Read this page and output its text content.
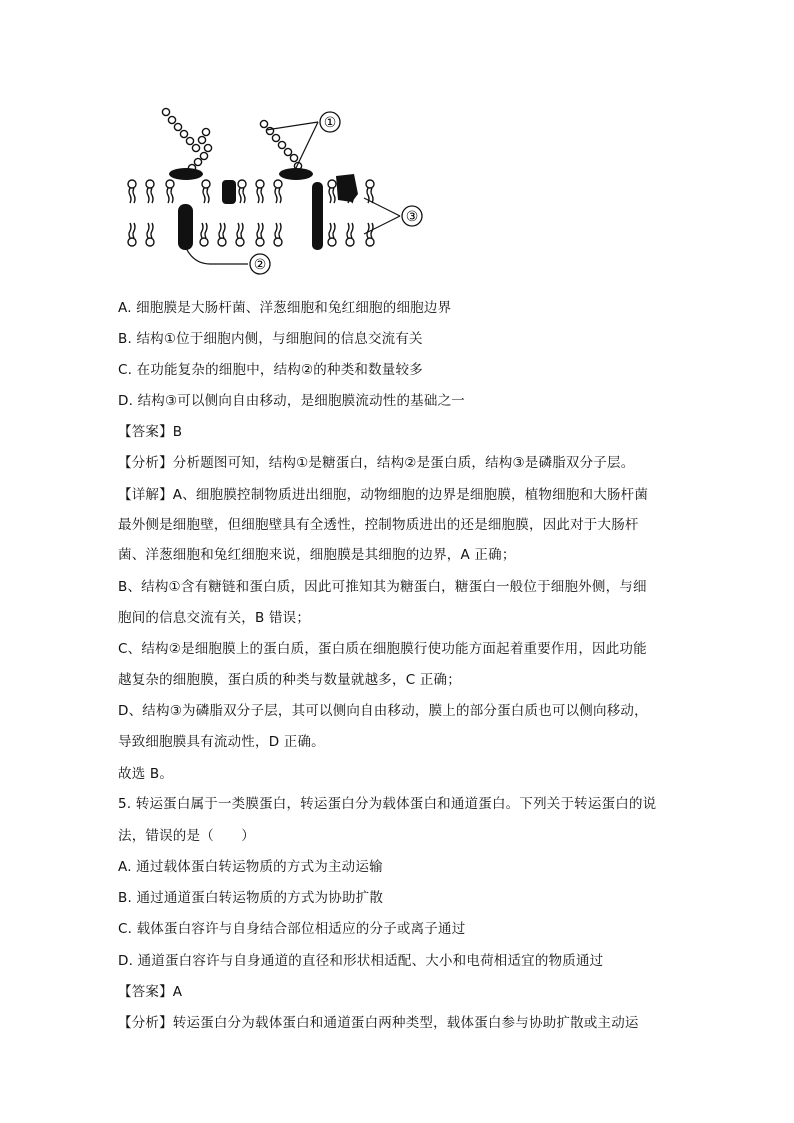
①
②
③
A. 细胞膜是大肠杆菌、洋葱细胞和兔红细胞的细胞边界
B. 结构①位于细胞内侧，与细胞间的信息交流有关
C. 在功能复杂的细胞中，结构②的种类和数量较多
D. 结构③可以侧向自由移动，是细胞膜流动性的基础之一
【答案】B
【分析】分析题图可知，结构①是糖蛋白，结构②是蛋白质，结构③是磷脂双分子层。
【详解】A、细胞膜控制物质进出细胞，动物细胞的边界是细胞膜，植物细胞和大肠杆菌
最外侧是细胞壁，但细胞壁具有全透性，控制物质进出的还是细胞膜，因此对于大肠杆
菌、洋葱细胞和兔红细胞来说，细胞膜是其细胞的边界，A 正确；
B、结构①含有糖链和蛋白质，因此可推知其为糖蛋白，糖蛋白一般位于细胞外侧，与细
胞间的信息交流有关，B 错误；
C、结构②是细胞膜上的蛋白质，蛋白质在细胞膜行使功能方面起着重要作用，因此功能
越复杂的细胞膜，蛋白质的种类与数量就越多，C 正确；
D、结构③为磷脂双分子层，其可以侧向自由移动，膜上的部分蛋白质也可以侧向移动，
导致细胞膜具有流动性，D 正确。
故选 B。
5. 转运蛋白属于一类膜蛋白，转运蛋白分为载体蛋白和通道蛋白。下列关于转运蛋白的说
法，错误的是（　　）
A. 通过载体蛋白转运物质的方式为主动运输
B. 通过通道蛋白转运物质的方式为协助扩散
C. 载体蛋白容许与自身结合部位相适应的分子或离子通过
D. 通道蛋白容许与自身通道的直径和形状相适配、大小和电荷相适宜的物质通过
【答案】A
【分析】转运蛋白分为载体蛋白和通道蛋白两种类型，载体蛋白参与协助扩散或主动运
